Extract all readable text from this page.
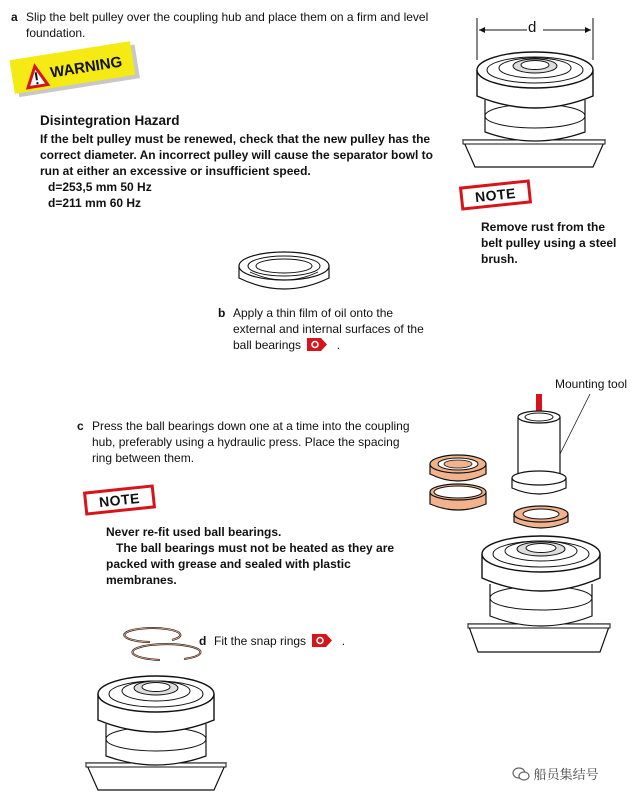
a Slip the belt pulley over the coupling hub and place them on a firm and level
foundation.
WARNING
Disintegration Hazard
If the belt pulley must be renewed, check that the new pulley has the
correct diameter. An incorrect pulley will cause the separator bowl to
run at either an excessive or insufficient speed.
d=253,5 mm 50 Hz
d=211 mm 60 Hz
d
NOTE
Remove rust from the
belt pulley using a steel
brush.
b Apply a thin film of oil onto the
external and internal surfaces of the
ball bearings	.
Mounting tool
c Press the ball bearings down one at a time into the coupling
hub, preferably using a hydraulic press. Place the spacing
ring between them.
NOTE
Never re-fit used ball bearings.
The ball bearings must not be heated as they are
packed with grease and sealed with plastic
membranes.
d Fit the snap rings	.
船员集结号
